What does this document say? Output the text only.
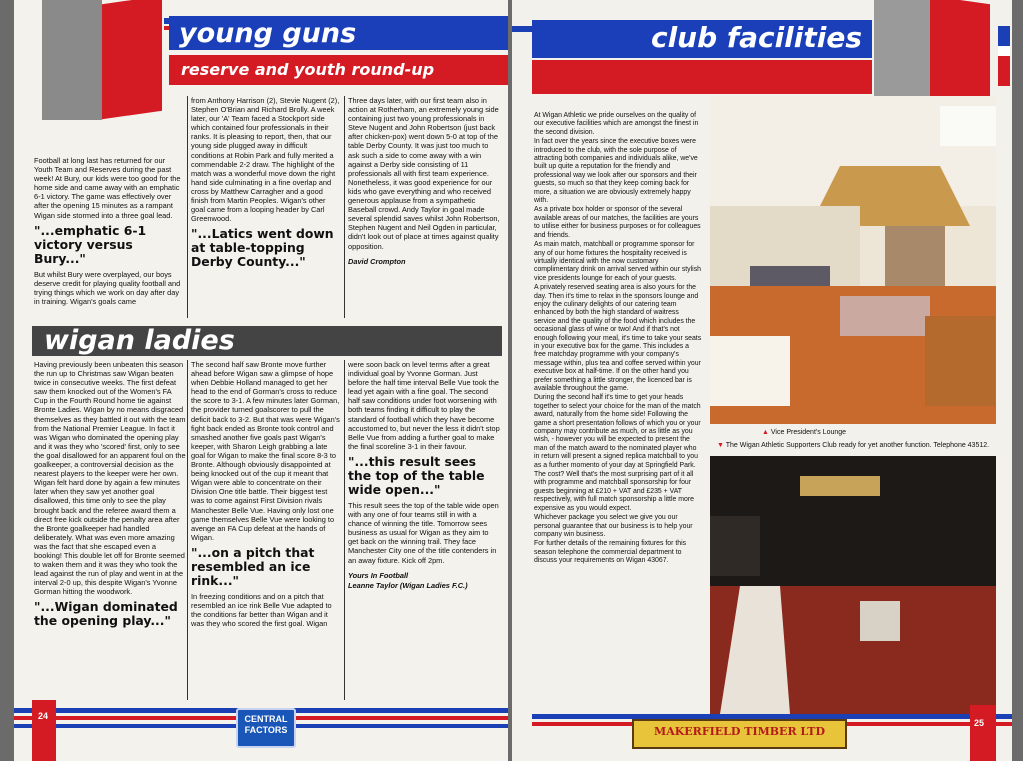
young guns
reserve and youth round-up

Football at long last has returned for our Youth Team and Reserves during the past week! At Bury, our kids were too good for the home side and came away with an emphatic 6-1 victory. The game was effectively over after the opening 15 minutes as a rampant Wigan side stormed into a three goal lead.

"...emphatic 6-1 victory versus Bury..."

But whilst Bury were overplayed, our boys deserve credit for playing quality football and trying things which we work on day after day in training. Wigan's goals came

from Anthony Harrison (2), Stevie Nugent (2), Stephen O'Brian and Richard Brolly. A week later, our 'A' Team faced a Stockport side which contained four professionals in their ranks. It is pleasing to report, then, that our young side plugged away in difficult conditions at Robin Park and fully merited a commendable 2-2 draw. The highlight of the match was a wonderful move down the right hand side culminating in a fine overlap and cross by Matthew Carragher and a good finish from Martin Peoples. Wigan's other goal came from a looping header by Carl Greenwood.

"...Latics went down at table-topping Derby County..."

Three days later, with our first team also in action at Rotherham, an extremely young side containing just two young professionals in Steve Nugent and John Robertson (just back after chicken-pox) went down 5-0 at top of the table Derby County. It was just too much to ask such a side to come away with a win against a Derby side consisting of 11 professionals all with first team experience. Nonetheless, it was good experience for our kids who gave everything and who received generous applause from a sympathetic Baseball crowd. Andy Taylor in goal made several splendid saves whilst John Robertson, Stephen Nugent and Neil Ogden in particular, didn't look out of place at times against quality opposition.

David Crompton

wigan ladies

Having previously been unbeaten this season the run up to Christmas saw Wigan beaten twice in consecutive weeks. The first defeat saw them knocked out of the Women's FA Cup in the Fourth Round home tie against Bronte Ladies. Wigan by no means disgraced themselves as they battled it out with the team from the National Premier League. In fact it was Wigan who dominated the opening play and it was they who 'scored' first, only to see the goal disallowed for an apparent foul on the goalkeeper, a controversial decision as the nearest players to the keeper were her own. Wigan felt hard done by again a few minutes later when they saw yet another goal disallowed, this time only to see the play brought back and the referee award them a direct free kick outside the penalty area after the Bronte goalkeeper had handled deliberately. What was even more amazing was the fact that she escaped even a booking! This double let off for Bronte seemed to waken them and it was they who took the lead against the run of play and went in at the interval 2-0 up, this despite Wigan's Yvonne Gorman hitting the woodwork.

"...Wigan dominated the opening play..."

The second half saw Bronte move further ahead before Wigan saw a glimpse of hope when Debbie Holland managed to get her head to the end of Gorman's cross to reduce the score to 3-1. A few minutes later Gorman, the provider turned goalscorer to pull the deficit back to 3-2. But that was were Wigan's fight back ended as Bronte took control and smashed another five goals past Wigan's keeper, with Sharon Leigh grabbing a late goal for Wigan to make the final score 8-3 to Bronte. Although obviously disappointed at being knocked out of the cup it meant that Wigan were able to concentrate on their Division One title battle. Their biggest test was to come against First Division rivals Manchester Belle Vue. Having only lost one game themselves Belle Vue were looking to avenge an FA Cup defeat at the hands of Wigan.

"...on a pitch that resembled an ice rink..."

In freezing conditions and on a pitch that resembled an ice rink Belle Vue adapted to the conditions far better than Wigan and it was they who scored the first goal. Wigan

were soon back on level terms after a great individual goal by Yvonne Gorman. Just before the half time interval Belle Vue took the lead yet again with a fine goal. The second half saw conditions under foot worsening with both teams finding it difficult to play the standard of football which they have become accustomed to, but never the less it didn't stop Belle Vue from adding a further goal to make the final scoreline 3-1 in their favour.

"...this result sees the top of the table wide open..."

This result sees the top of the table wide open with any one of four teams still in with a chance of winning the title. Tomorrow sees business as usual for Wigan as they aim to get back on the winning trail. They face Manchester City one of the title contenders in an away fixture. Kick off 2pm.

Yours In Football

Leanne Taylor (Wigan Ladies F.C.)

24	CENTRAL FACTORS
club facilities

At Wigan Athletic we pride ourselves on the quality of our executive facilities which are amongst the finest in the second division.

In fact over the years since the executive boxes were introduced to the club, with the sole purpose of attracting both companies and individuals alike, we've built up quite a reputation for the friendly and professional way we look after our sponsors and their guests, so much so that they keep coming back for more, a situation we are obviously extremely happy with.

As a private box holder or sponsor of the several available areas of our matches, the facilities are yours to utilise either for business purposes or for colleagues and friends.

As main match, matchball or programme sponsor for any of our home fixtures the hospitality received is virtually identical with the now customary complimentary drink on arrival served within our stylish vice presidents lounge for each of your guests.

A privately reserved seating area is also yours for the day. Then it's time to relax in the sponsors lounge and enjoy the culinary delights of our catering team enhanced by both the high standard of waitress service and the quality of the food which includes the occasional glass of wine or two! And if that's not enough following your meal, it's time to take your seats in your executive box for the game. This includes a free matchday programme with your company's message within, plus tea and coffee served within your executive box at half-time. If on the other hand you prefer something a little stronger, the licenced bar is available throughout the game.

During the second half it's time to get your heads together to select your choice for the man of the match award, naturally from the home side! Following the game a short presentation follows of which you or your company may contribute as much, or as little as you wish, - however you will be expected to present the man of the match award to the nominated player who in return will present a signed replica matchball to you as a further momento of your day at Springfield Park.

The cost? Well that's the most surprising part of it all with programme and matchball sponsorship for four guests beginning at £210 + VAT and £235 + VAT respectively, with full match sponsorship a little more expensive as you would expect.

Whichever package you select we give you our personal guarantee that our business is to help your company win business.

For further details of the remaining fixtures for this season telephone the commercial department to discuss your requirements on Wigan 43067.

▲ Vice President's Lounge
▼ The Wigan Athletic Supporters Club ready for yet another function. Telephone 43512.
MAKERFIELD TIMBER LTD
25
